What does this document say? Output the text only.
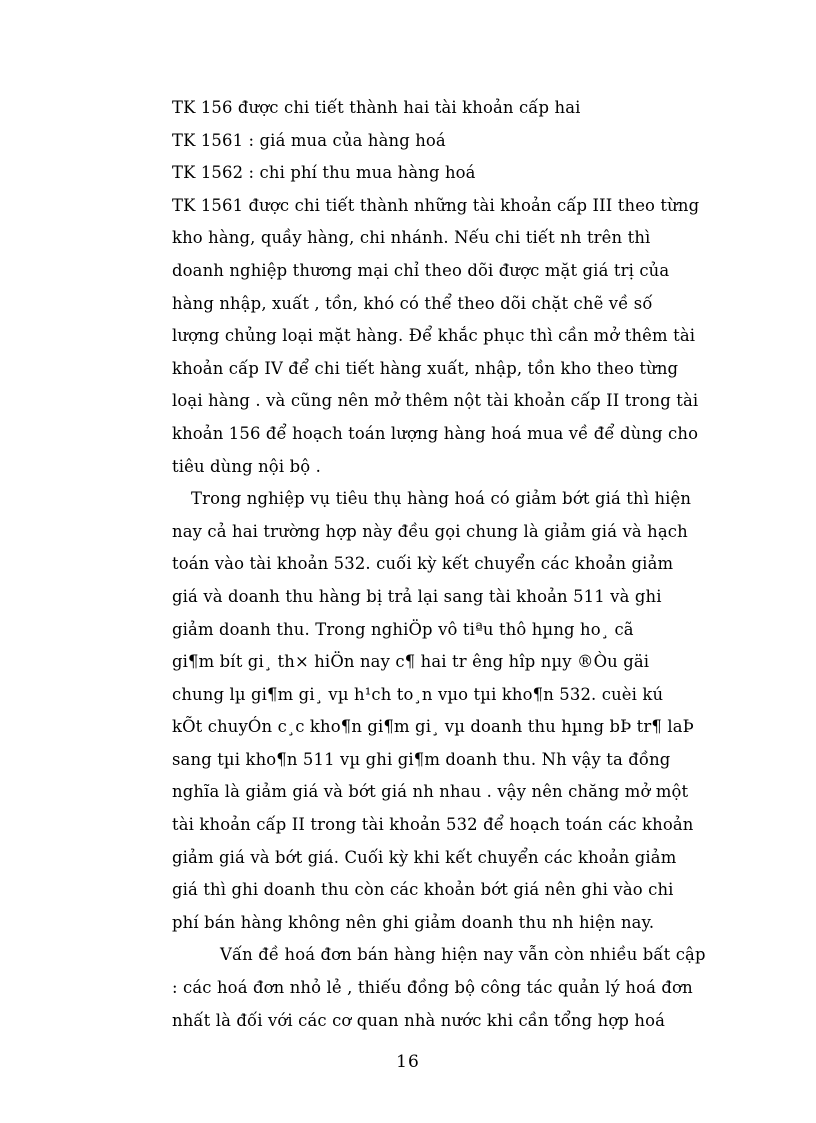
TK 156 được chi tiết thành hai tài khoản cấp hai
TK 1561 : giá mua của hàng hoá
TK 1562 : chi phí thu mua hàng hoá
TK 1561 được chi tiết thành những tài khoản cấp III theo từng
kho hàng, quầy hàng, chi nhánh. Nếu chi tiết nh trên thì
doanh nghiệp thương mại chỉ theo dõi được mặt giá trị của
hàng nhập, xuất , tồn, khó có thể theo dõi chặt chẽ về số
lượng chủng loại mặt hàng. Để khắc phục thì cần mở thêm tài
khoản cấp IV để chi tiết hàng xuất, nhập, tồn kho theo từng
loại hàng . và cũng nên mở thêm nột tài khoản cấp II trong tài
khoản 156 để hoạch toán lượng hàng hoá mua về để dùng cho
tiêu dùng nội bộ .
Trong nghiệp vụ tiêu thụ hàng hoá có giảm bớt giá thì hiện
nay cả hai trường hợp này đều gọi chung là giảm giá và hạch
toán vào tài khoản 532. cuối kỳ kết chuyển các khoản giảm
giá và doanh thu hàng bị trả lại sang tài khoản 511 và ghi
giảm doanh thu. Trong nghiÖp vô tiªu thô hµng ho¸ cã
gi¶m bít gi¸ th× hiÖn nay c¶ hai tr êng hîp nµy ®Òu gäi
chung lµ gi¶m gi¸ vµ h¹ch to¸n vµo tµi kho¶n 532. cuèi kú
kÕt chuyÓn c¸c kho¶n gi¶m gi¸ vµ doanh thu hµng bÞ tr¶ laÞ
sang tµi kho¶n 511 vµ ghi gi¶m doanh thu. Nh vậy ta đồng
nghĩa là giảm giá và bớt giá nh nhau . vậy nên chăng mở một
tài khoản cấp II trong tài khoản 532 để hoạch toán các khoản
giảm giá và bớt giá. Cuối kỳ khi kết chuyển các khoản giảm
giá thì ghi doanh thu còn các khoản bớt giá nên ghi vào chi
phí bán hàng không nên ghi giảm doanh thu nh hiện nay.
Vấn đề hoá đơn bán hàng hiện nay vẫn còn nhiều bất cập
: các hoá đơn nhỏ lẻ , thiếu đồng bộ công tác quản lý hoá đơn
nhất là đối với các cơ quan nhà nước khi cần tổng hợp hoá
16
